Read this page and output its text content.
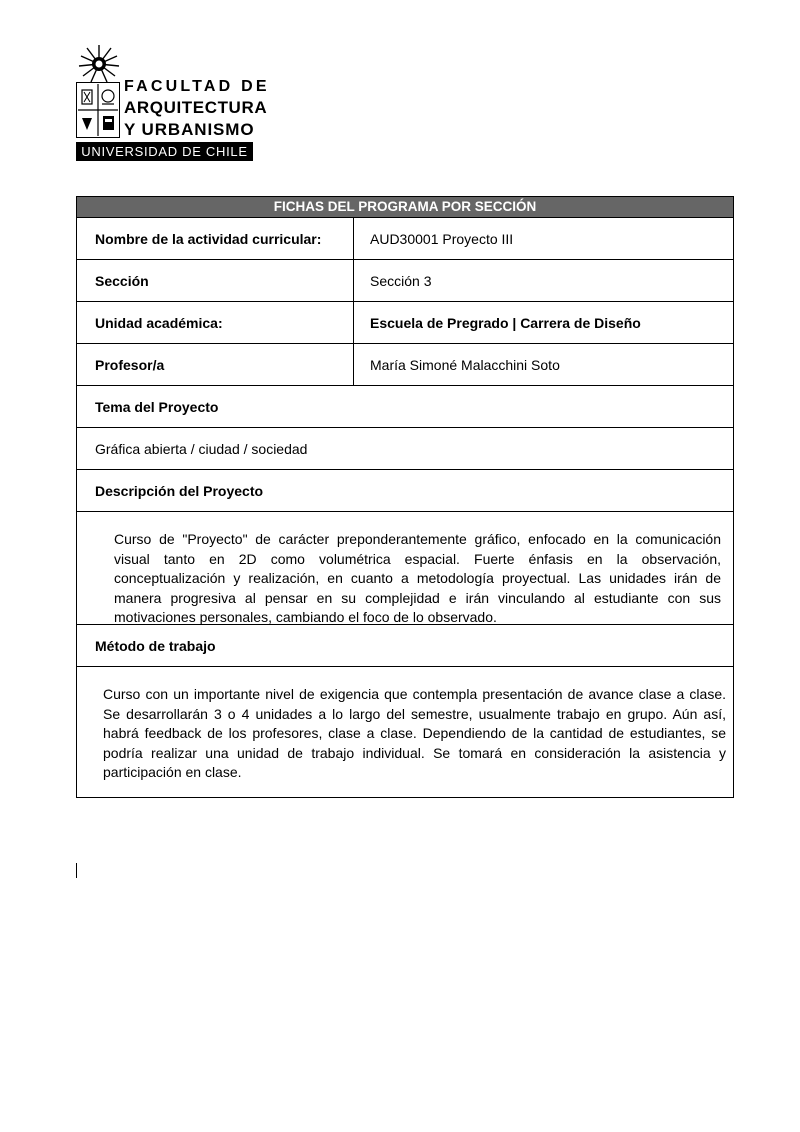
FACULTAD DE
ARQUITECTURA
Y URBANISMO
UNIVERSIDAD DE CHILE
FICHAS DEL PROGRAMA POR SECCIÓN
Nombre de la actividad curricular:	AUD30001 Proyecto III
Sección	Sección 3
Unidad académica:	Escuela de Pregrado | Carrera de Diseño
Profesor/a	María Simoné Malacchini Soto
Tema del Proyecto
Gráfica abierta / ciudad / sociedad
Descripción del Proyecto
Curso de "Proyecto" de carácter preponderantemente gráfico, enfocado en la comunicación visual tanto en 2D como volumétrica espacial. Fuerte énfasis en la observación, conceptualización y realización, en cuanto a metodología proyectual. Las unidades irán de manera progresiva al pensar en su complejidad e irán vinculando al estudiante con sus motivaciones personales, cambiando el foco de lo observado.
Método de trabajo
Curso con un importante nivel de exigencia que contempla presentación de avance clase a clase. Se desarrollarán 3 o 4 unidades a lo largo del semestre, usualmente trabajo en grupo. Aún así, habrá feedback de los profesores, clase a clase. Dependiendo de la cantidad de estudiantes, se podría realizar una unidad de trabajo individual. Se tomará en consideración la asistencia y participación en clase.
